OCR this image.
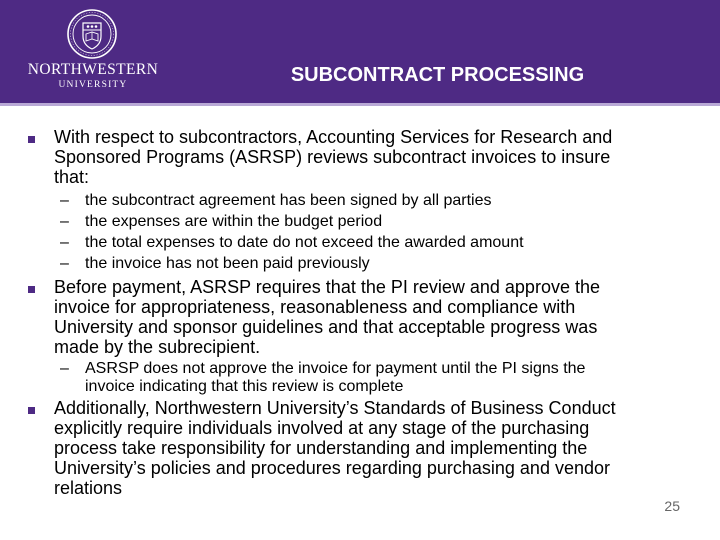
NORTHWESTERN
UNIVERSITY	SUBCONTRACT PROCESSING
With respect to subcontractors, Accounting Services for Research and
Sponsored Programs (ASRSP) reviews subcontract invoices to insure
that:
– the subcontract agreement has been signed by all parties
– the expenses are within the budget period
– the total expenses to date do not exceed the awarded amount
– the invoice has not been paid previously
Before payment, ASRSP requires that the PI review and approve the
invoice for appropriateness, reasonableness and compliance with
University and sponsor guidelines and that acceptable progress was
made by the subrecipient.
– ASRSP does not approve the invoice for payment until the PI signs the
invoice indicating that this review is complete
Additionally, Northwestern University’s Standards of Business Conduct
explicitly require individuals involved at any stage of the purchasing
process take responsibility for understanding and implementing the
University’s policies and procedures regarding purchasing and vendor
relations
25
